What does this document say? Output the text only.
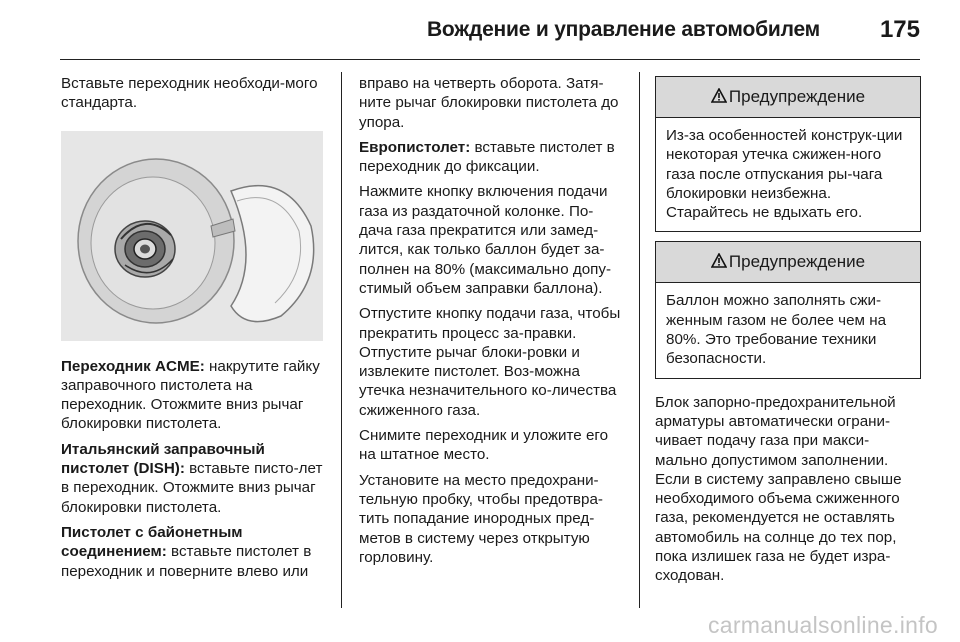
Вождение и управление автомобилем 175

Вставьте переходник необходи-мого стандарта.

Переходник ACME: накрутите гайку заправочного пистолета на переходник. Отожмите вниз рычаг блокировки пистолета.

Итальянский заправочный пистолет (DISH): вставьте писто-лет в переходник. Отожмите вниз рычаг блокировки пистолета.

Пистолет с байонетным соединением: вставьте пистолет в переходник и поверните влево или

вправо на четверть оборота. Затя-ните рычаг блокировки пистолета до упора.

Европистолет: вставьте пистолет в переходник до фиксации.

Нажмите кнопку включения подачи газа из раздаточной колонке. По-дача газа прекратится или замед-лится, как только баллон будет за-полнен на 80% (максимально допу-стимый объем заправки баллона).

Отпустите кнопку подачи газа, чтобы прекратить процесс за-правки. Отпустите рычаг блоки-ровки и извлеките пистолет. Воз-можна утечка незначительного ко-личества сжиженного газа.

Снимите переходник и уложите его на штатное место.

Установите на место предохрани-тельную пробку, чтобы предотвра-тить попадание инородных пред-метов в систему через открытую горловину.

Предупреждение
Из-за особенностей конструк-ции некоторая утечка сжижен-ного газа после отпускания ры-чага блокировки неизбежна. Старайтесь не вдыхать его.
Предупреждение
Баллон можно заполнять сжи-женным газом не более чем на 80%. Это требование техники безопасности.

Блок запорно-предохранительной арматуры автоматически ограни-чивает подачу газа при макси-мально допустимом заполнении. Если в систему заправлено свыше необходимого объема сжиженного газа, рекомендуется не оставлять автомобиль на солнце до тех пор, пока излишек газа не будет изра-сходован.

carmanualsonline.info
